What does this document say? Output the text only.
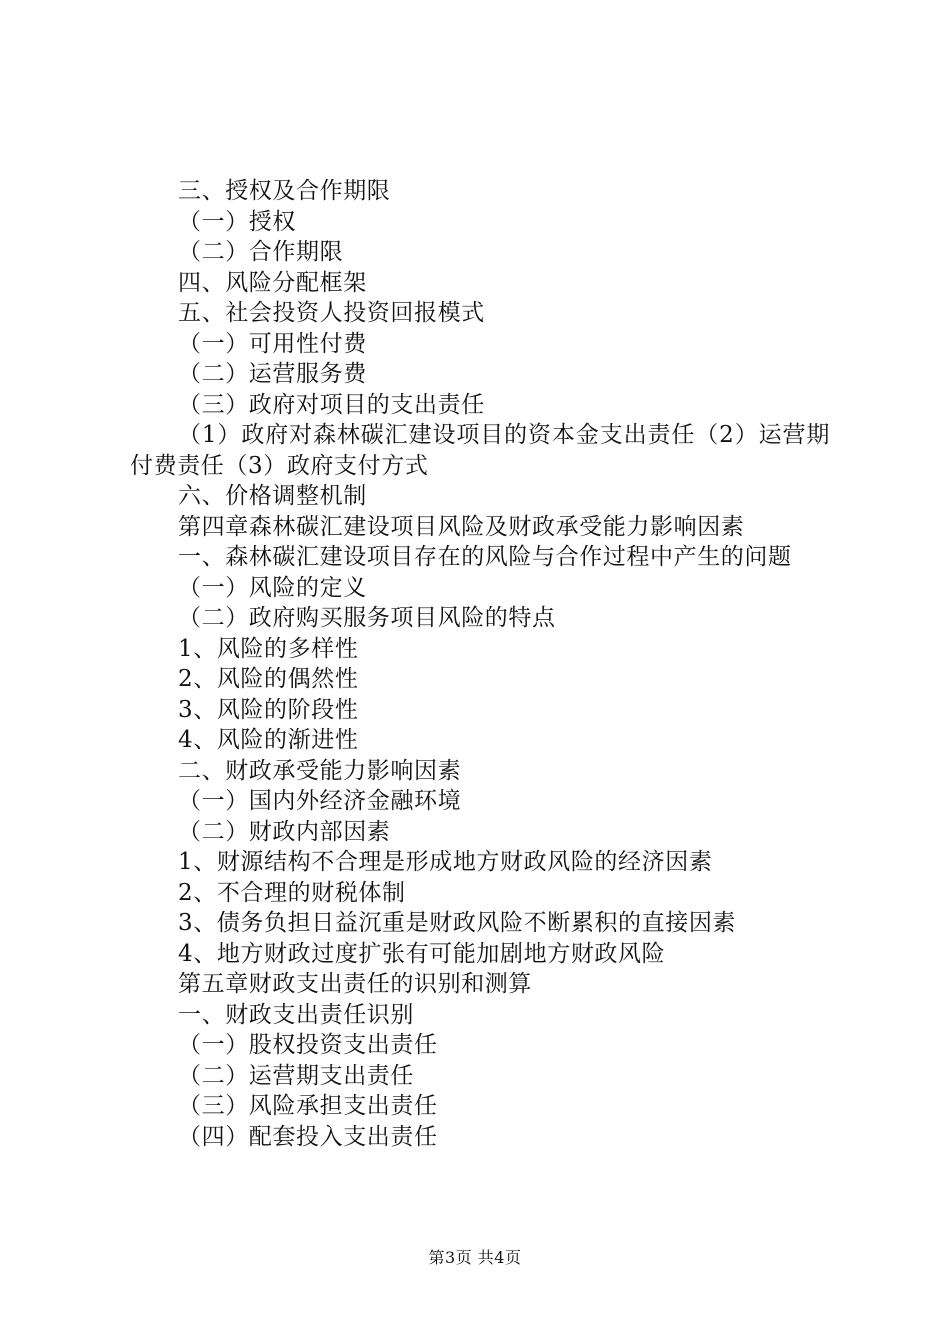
三、授权及合作期限
（一）授权
（二）合作期限
四、风险分配框架
五、社会投资人投资回报模式
（一）可用性付费
（二）运营服务费
（三）政府对项目的支出责任
（1）政府对森林碳汇建设项目的资本金支出责任（2）运营期付费责任（3）政府支付方式
六、价格调整机制
第四章森林碳汇建设项目风险及财政承受能力影响因素
一、森林碳汇建设项目存在的风险与合作过程中产生的问题
（一）风险的定义
（二）政府购买服务项目风险的特点
1、风险的多样性
2、风险的偶然性
3、风险的阶段性
4、风险的渐进性
二、财政承受能力影响因素
（一）国内外经济金融环境
（二）财政内部因素
1、财源结构不合理是形成地方财政风险的经济因素
2、不合理的财税体制
3、债务负担日益沉重是财政风险不断累积的直接因素
4、地方财政过度扩张有可能加剧地方财政风险
第五章财政支出责任的识别和测算
一、财政支出责任识别
（一）股权投资支出责任
（二）运营期支出责任
（三）风险承担支出责任
（四）配套投入支出责任
第3页 共4页
